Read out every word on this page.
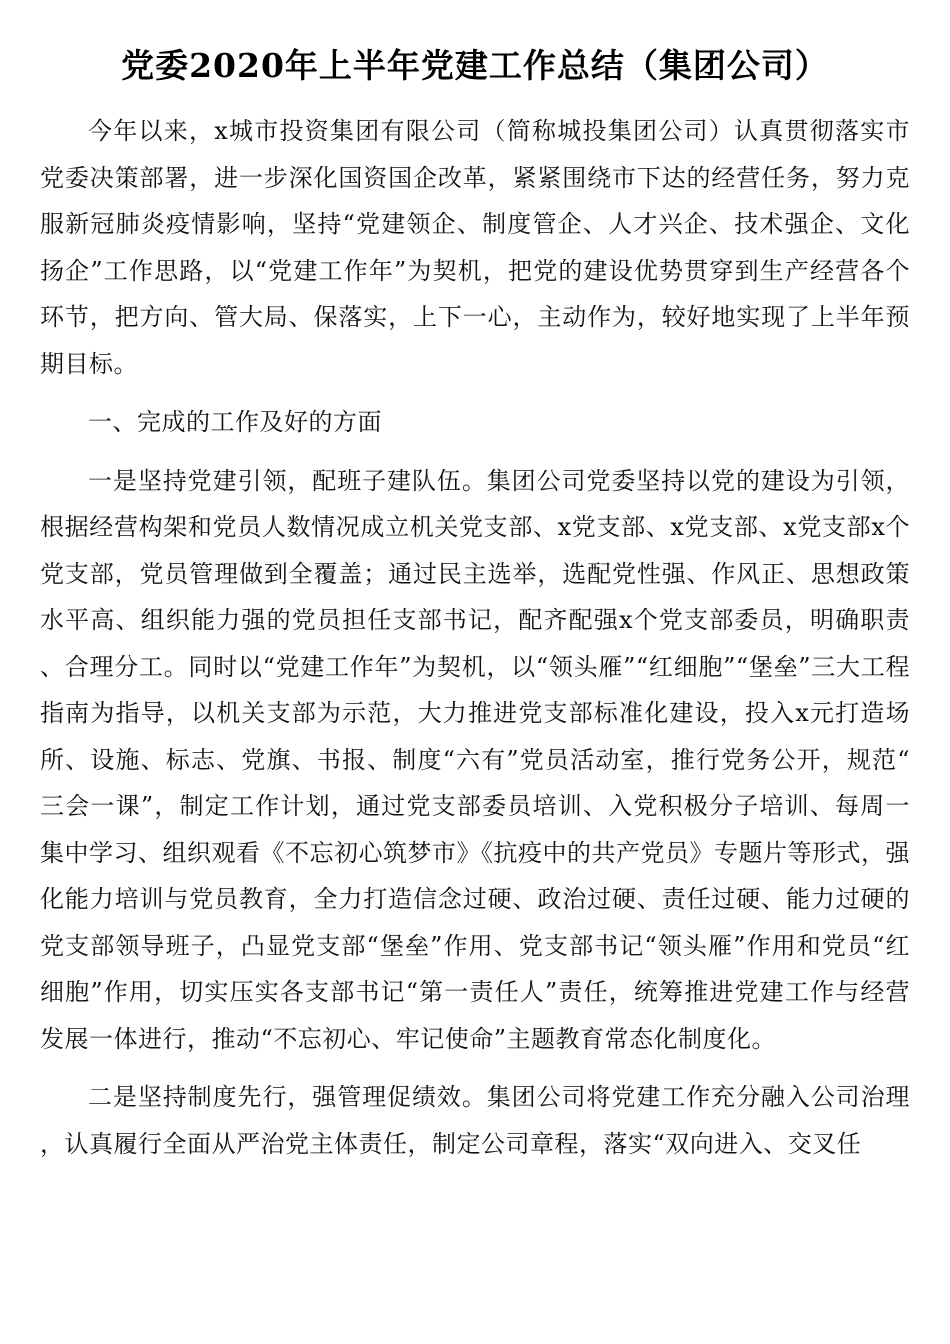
党委2020年上半年党建工作总结（集团公司）

今年以来，x城市投资集团有限公司（简称城投集团公司）认真贯彻落实市党委决策部署，进一步深化国资国企改革，紧紧围绕市下达的经营任务，努力克服新冠肺炎疫情影响，坚持“党建领企、制度管企、人才兴企、技术强企、文化扬企”工作思路，以“党建工作年”为契机，把党的建设优势贯穿到生产经营各个环节，把方向、管大局、保落实，上下一心，主动作为，较好地实现了上半年预期目标。

一、完成的工作及好的方面

一是坚持党建引领，配班子建队伍。集团公司党委坚持以党的建设为引领，根据经营构架和党员人数情况成立机关党支部、x党支部、x党支部、x党支部x个党支部，党员管理做到全覆盖；通过民主选举，选配党性强、作风正、思想政策水平高、组织能力强的党员担任支部书记，配齐配强x个党支部委员，明确职责、合理分工。同时以“党建工作年”为契机，以“领头雁”“红细胞”“堡垒”三大工程指南为指导，以机关支部为示范，大力推进党支部标准化建设，投入x元打造场所、设施、标志、党旗、书报、制度“六有”党员活动室，推行党务公开，规范“三会一课”，制定工作计划，通过党支部委员培训、入党积极分子培训、每周一集中学习、组织观看《不忘初心筑梦市》《抗疫中的共产党员》专题片等形式，强化能力培训与党员教育，全力打造信念过硬、政治过硬、责任过硬、能力过硬的党支部领导班子，凸显党支部“堡垒”作用、党支部书记“领头雁”作用和党员“红细胞”作用，切实压实各支部书记“第一责任人”责任，统筹推进党建工作与经营发展一体进行，推动“不忘初心、牢记使命”主题教育常态化制度化。

二是坚持制度先行，强管理促绩效。集团公司将党建工作充分融入公司治理，认真履行全面从严治党主体责任，制定公司章程，落实“双向进入、交叉任
